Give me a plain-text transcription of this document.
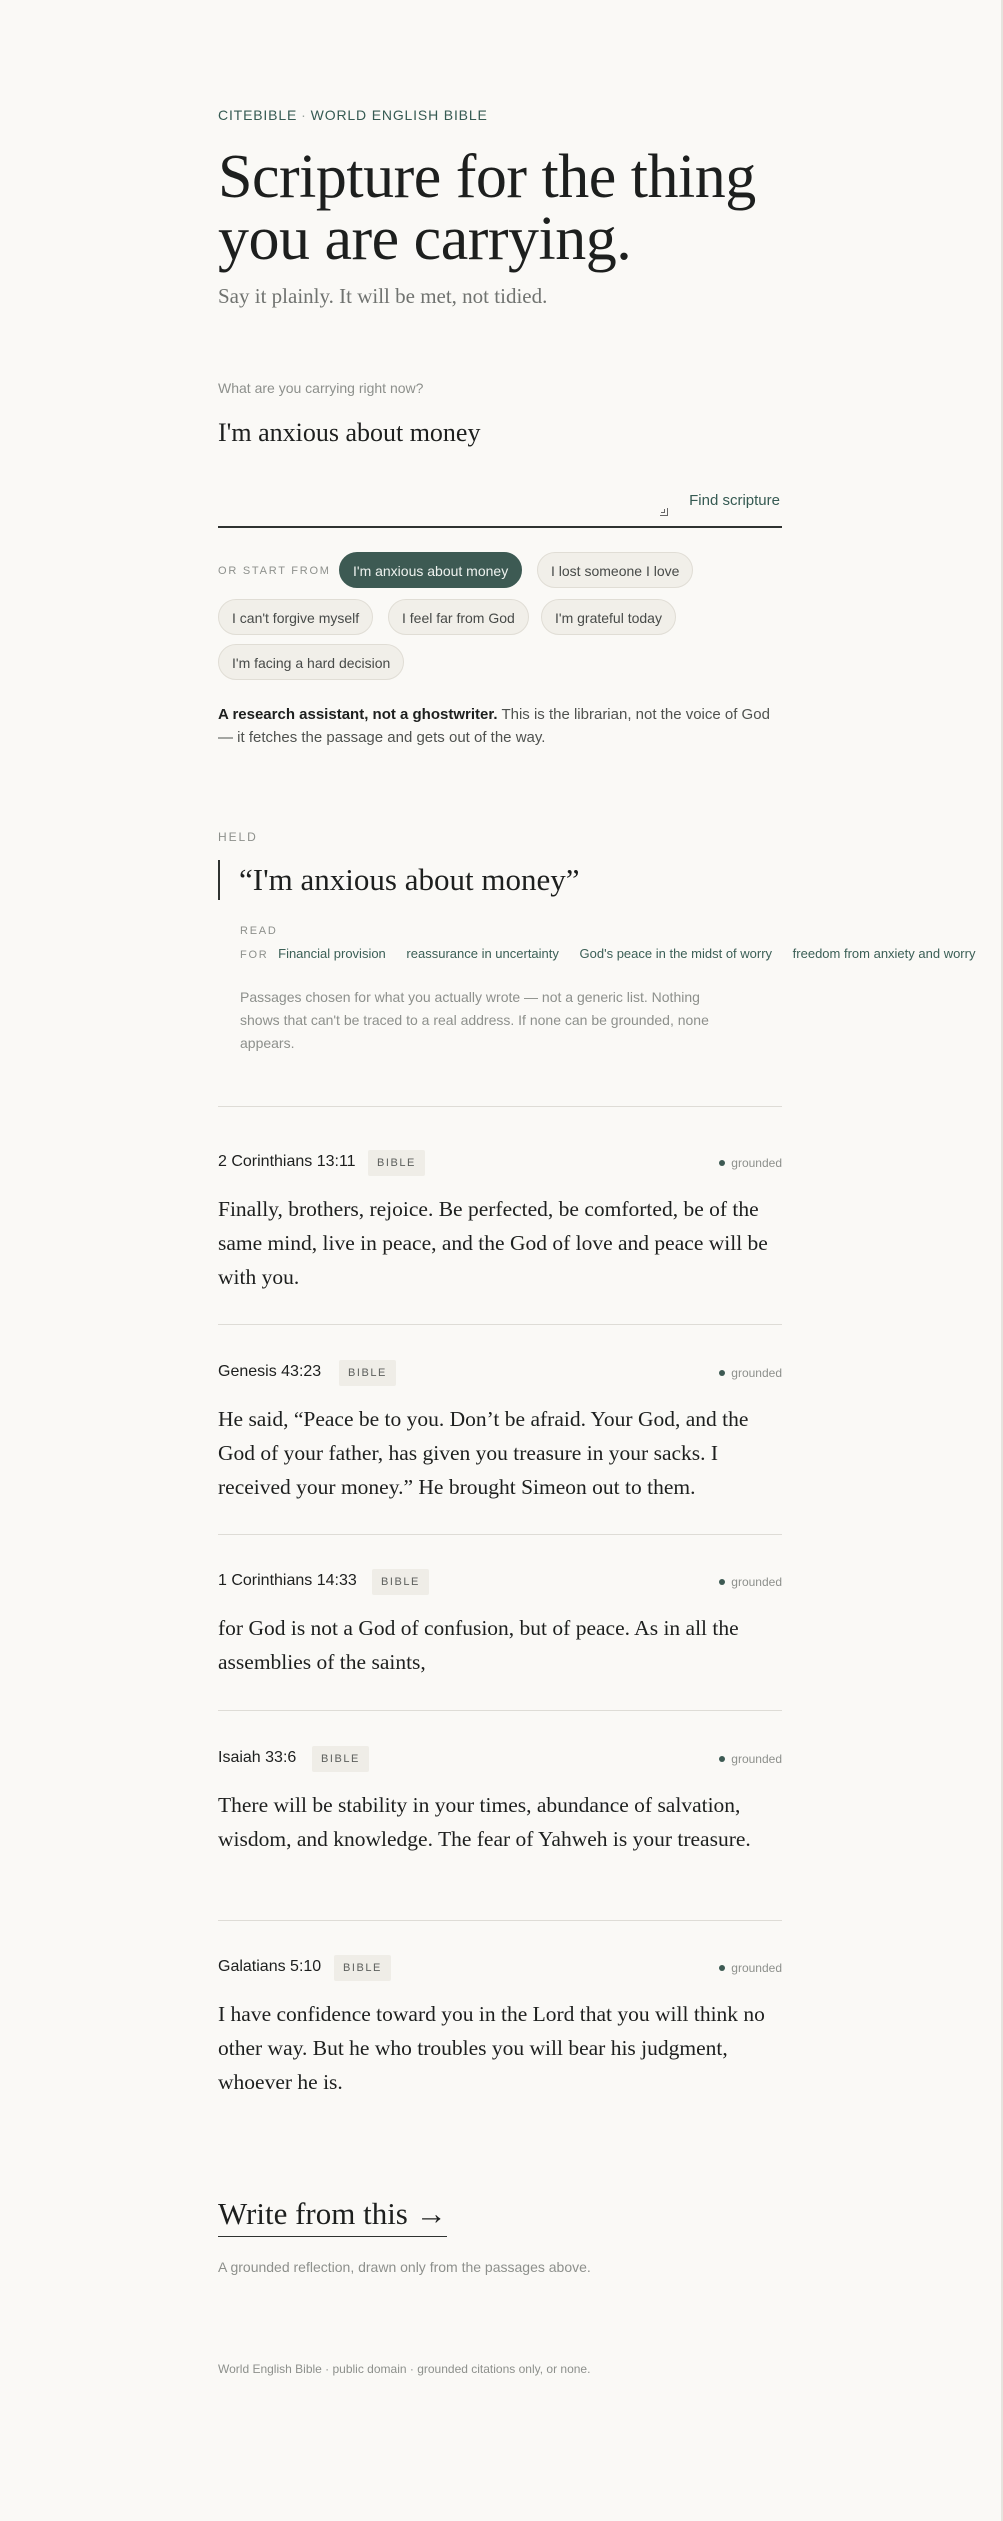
CITEBIBLE · WORLD ENGLISH BIBLE
Scripture for the thing you are carrying.
Say it plainly. It will be met, not tidied.
What are you carrying right now?
I'm anxious about money
Find scripture
OR START FROM	I'm anxious about money	I lost someone I love
I can't forgive myself	I feel far from God	I'm grateful today
I'm facing a hard decision
A research assistant, not a ghostwriter. This is the librarian, not the voice of God — it fetches the passage and gets out of the way.
HELD
“I'm anxious about money”
READ
FOR Financial provision reassurance in uncertainty God's peace in the midst of worry freedom from anxiety and worry
Passages chosen for what you actually wrote — not a generic list. Nothing shows that can't be traced to a real address. If none can be grounded, none appears.
2 Corinthians 13:11	BIBLE	grounded
Finally, brothers, rejoice. Be perfected, be comforted, be of the same mind, live in peace, and the God of love and peace will be with you.
Genesis 43:23	BIBLE	grounded
He said, “Peace be to you. Don’t be afraid. Your God, and the God of your father, has given you treasure in your sacks. I received your money.” He brought Simeon out to them.
1 Corinthians 14:33	BIBLE	grounded
for God is not a God of confusion, but of peace. As in all the assemblies of the saints,
Isaiah 33:6	BIBLE	grounded
There will be stability in your times, abundance of salvation, wisdom, and knowledge. The fear of Yahweh is your treasure.
Galatians 5:10	BIBLE	grounded
I have confidence toward you in the Lord that you will think no other way. But he who troubles you will bear his judgment, whoever he is.
Write from this →
A grounded reflection, drawn only from the passages above.
World English Bible · public domain · grounded citations only, or none.
